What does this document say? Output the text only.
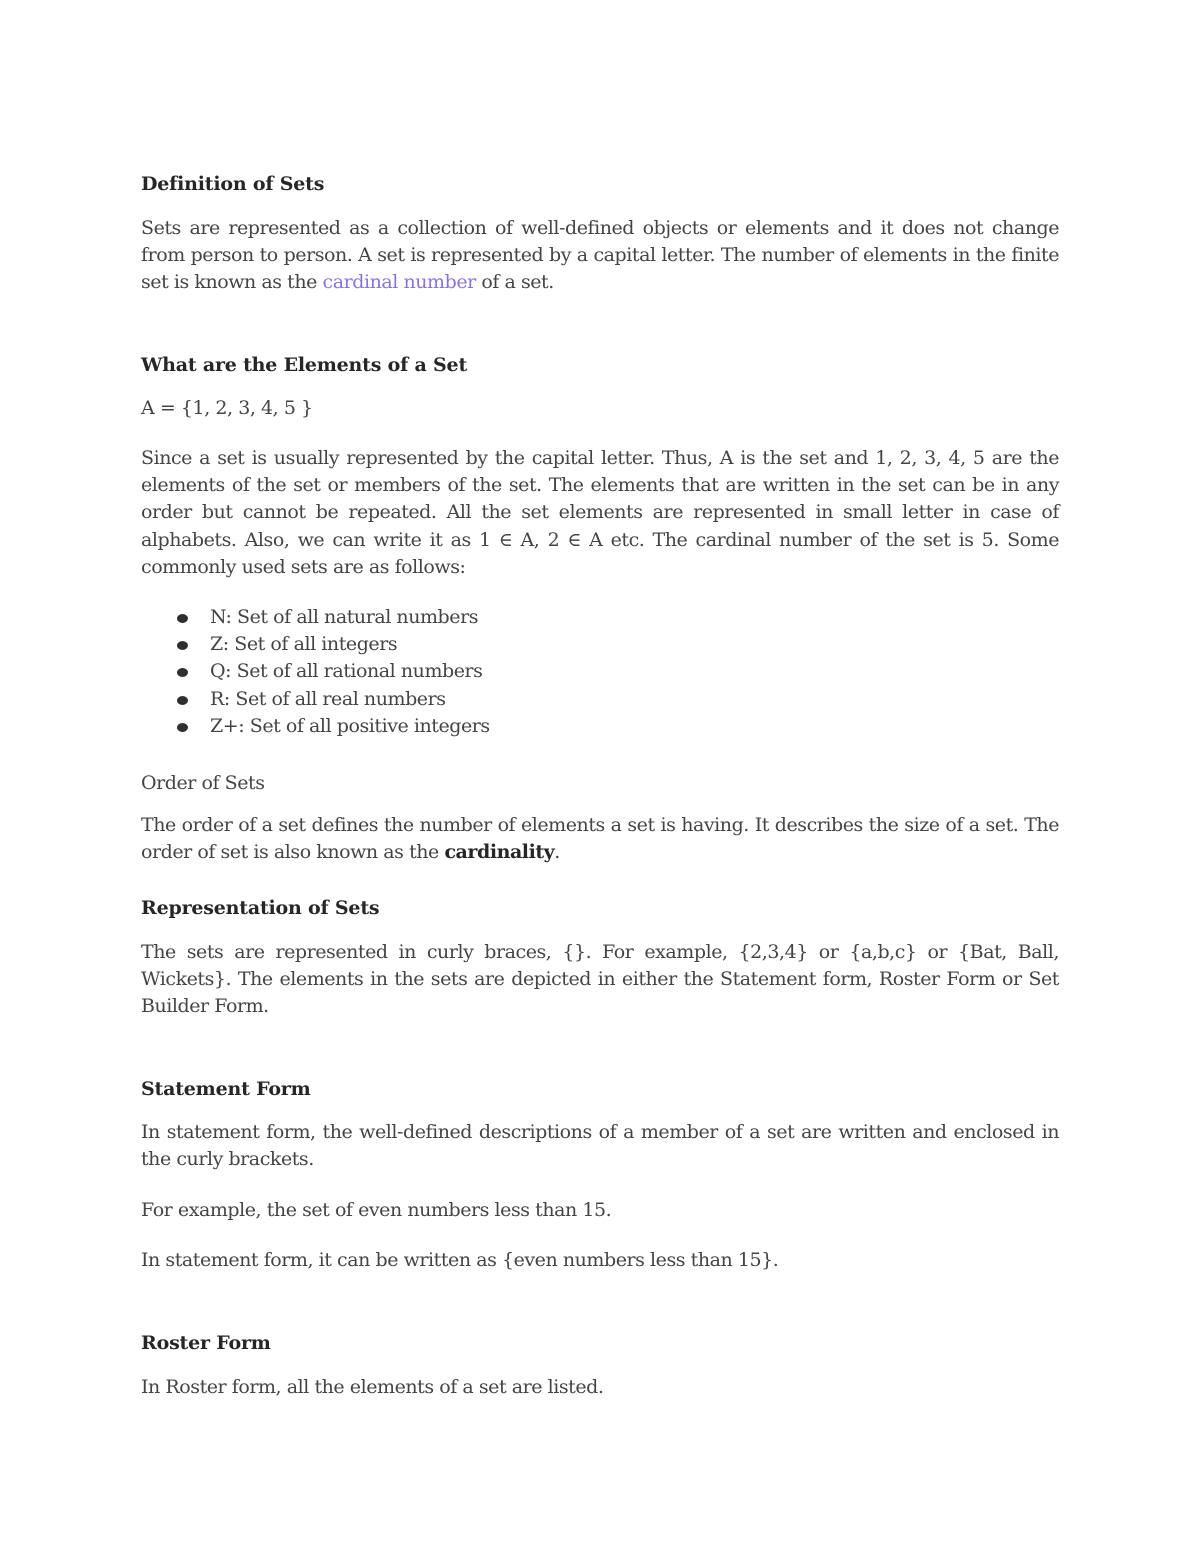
Definition of Sets

Sets are represented as a collection of well-defined objects or elements and it does not change from person to person. A set is represented by a capital letter. The number of elements in the finite set is known as the cardinal number of a set.

What are the Elements of a Set

A = {1, 2, 3, 4, 5 }

Since a set is usually represented by the capital letter. Thus, A is the set and 1, 2, 3, 4, 5 are the elements of the set or members of the set. The elements that are written in the set can be in any order but cannot be repeated. All the set elements are represented in small letter in case of alphabets. Also, we can write it as 1 ∈ A, 2 ∈ A etc. The cardinal number of the set is 5. Some commonly used sets are as follows:

N: Set of all natural numbers
Z: Set of all integers
Q: Set of all rational numbers
R: Set of all real numbers
Z+: Set of all positive integers

Order of Sets

The order of a set defines the number of elements a set is having. It describes the size of a set. The order of set is also known as the cardinality.

Representation of Sets

The sets are represented in curly braces, {}. For example, {2,3,4} or {a,b,c} or {Bat, Ball, Wickets}. The elements in the sets are depicted in either the Statement form, Roster Form or Set Builder Form.

Statement Form

In statement form, the well-defined descriptions of a member of a set are written and enclosed in the curly brackets.

For example, the set of even numbers less than 15.

In statement form, it can be written as {even numbers less than 15}.

Roster Form

In Roster form, all the elements of a set are listed.
